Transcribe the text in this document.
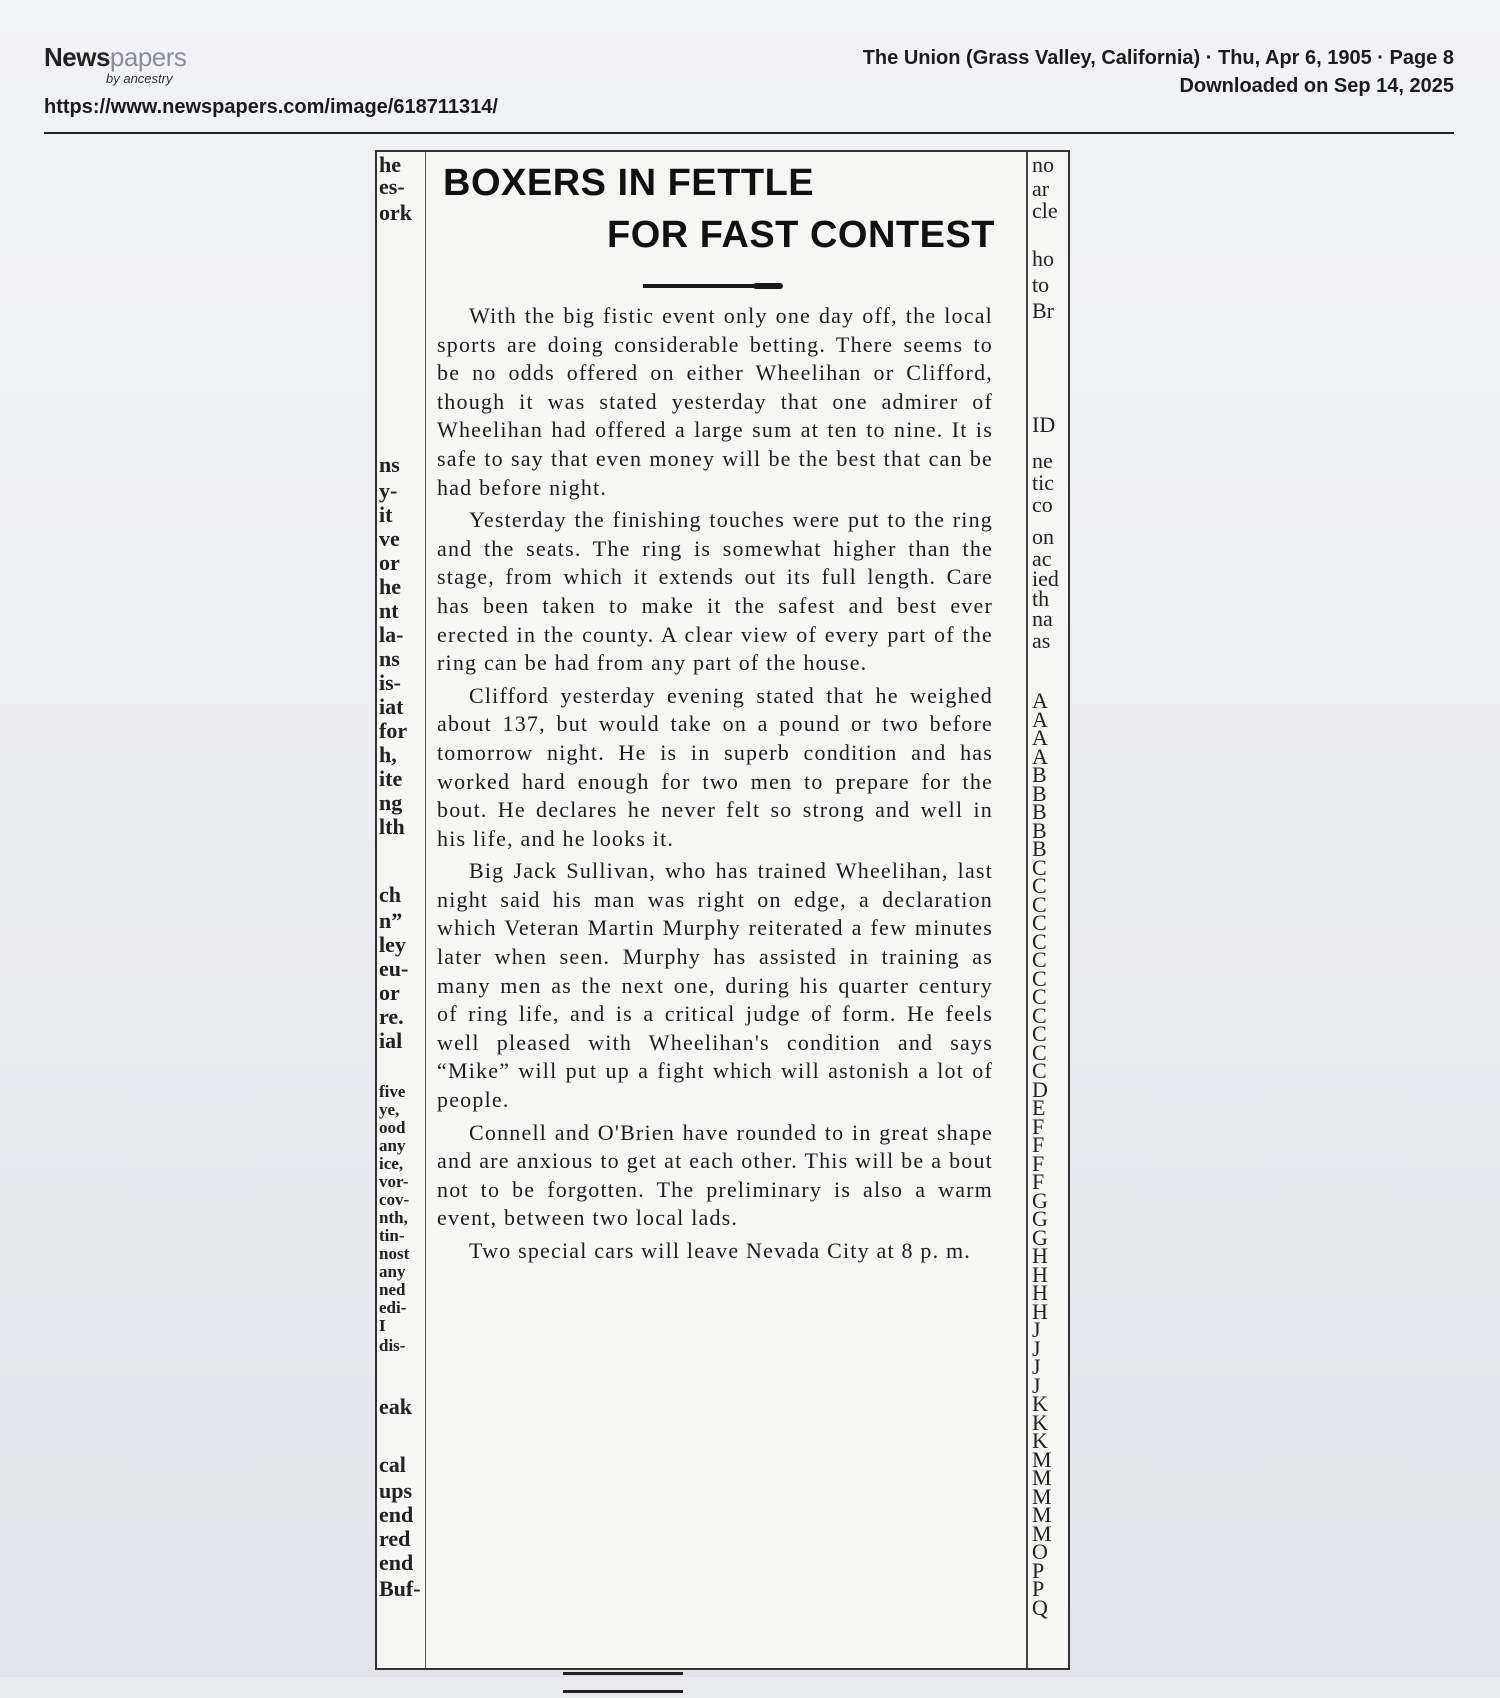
Newspapers
by ancestry
https://www.newspapers.com/image/618711314/
The Union (Grass Valley, California) · Thu, Apr 6, 1905 · Page 8
Downloaded on Sep 14, 2025
he
es-
ork
ns
y-
it
ve
or
he
nt
la-
ns
is-
iat
for
h,
ite
ng
lth
ch
n”
ley
eu-
or
re.
ial
five
ye,
ood
any
ice,
vor-
cov-
nth,
tin-
nost
any
ned
edi-
I
dis-
eak
cal
ups
end
red
end
Buf-
BOXERS IN FETTLE
FOR FAST CONTEST

With the big fistic event only one day off, the local sports are doing considerable betting. There seems to be no odds offered on either Wheelihan or Clifford, though it was stated yesterday that one admirer of Wheelihan had offered a large sum at ten to nine. It is safe to say that even money will be the best that can be had before night.

Yesterday the finishing touches were put to the ring and the seats. The ring is somewhat higher than the stage, from which it extends out its full length. Care has been taken to make it the safest and best ever erected in the county. A clear view of every part of the ring can be had from any part of the house.

Clifford yesterday evening stated that he weighed about 137, but would take on a pound or two before tomorrow night. He is in superb condition and has worked hard enough for two men to prepare for the bout. He declares he never felt so strong and well in his life, and he looks it.

Big Jack Sullivan, who has trained Wheelihan, last night said his man was right on edge, a declaration which Veteran Martin Murphy reiterated a few minutes later when seen. Murphy has assisted in training as many men as the next one, during his quarter century of ring life, and is a critical judge of form. He feels well pleased with Wheelihan's condition and says “Mike” will put up a fight which will astonish a lot of people.

Connell and O'Brien have rounded to in great shape and are anxious to get at each other. This will be a bout not to be forgotten. The preliminary is also a warm event, between two local lads.

Two special cars will leave Nevada City at 8 p. m.

A
A
A
A
B
B
B
B
B
C
C
C
C
C
C
C
C
C
C
C
C
D
E
F
F
F
F
G
G
G
H
H
H
H
J
J
J
J
K
K
K
M
M
M
M
M
O
P
P
Q
no
ar
cle
ho
to
Br
ID
ne
tic
co
on
ac
ied
th
na
as
